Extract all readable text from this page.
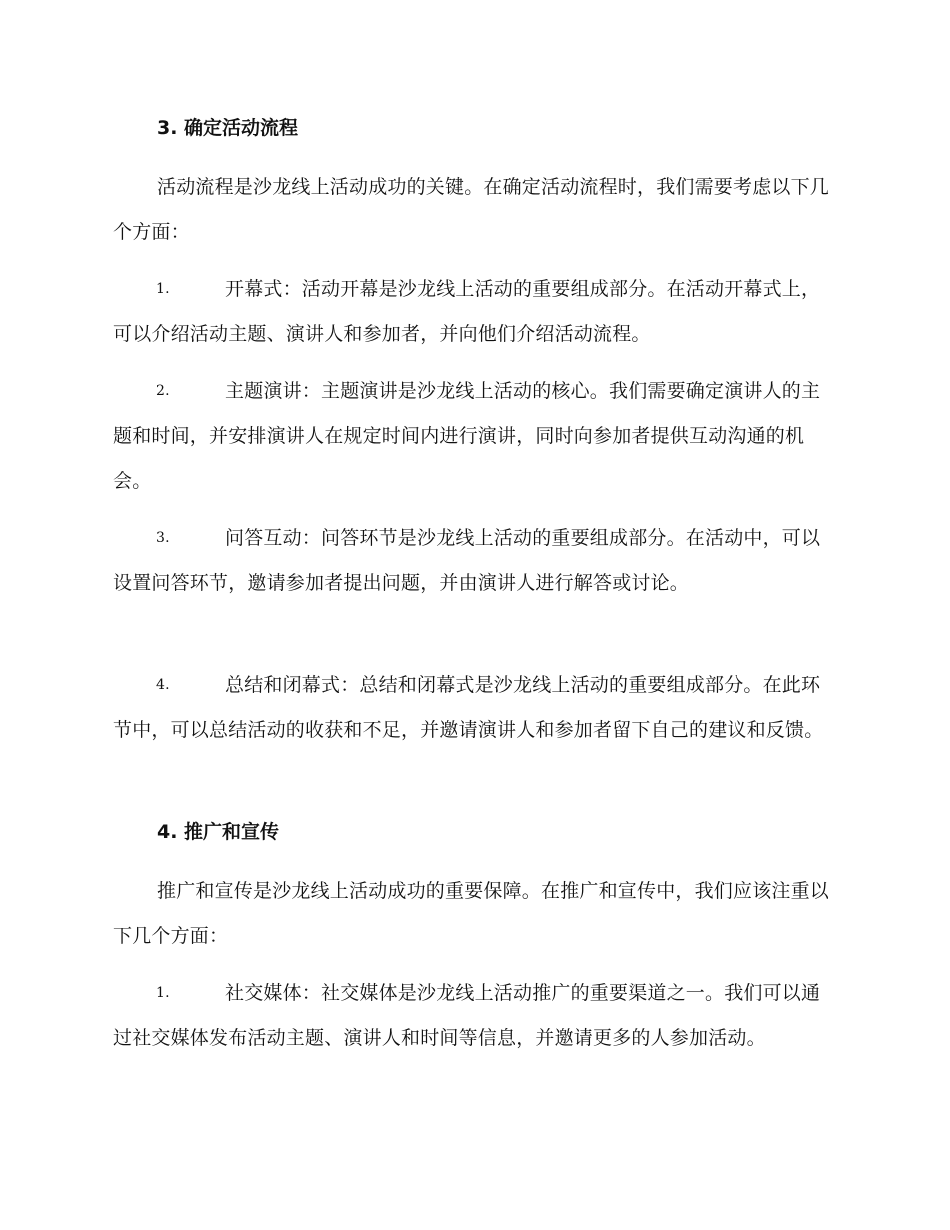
3. 确定活动流程
活动流程是沙龙线上活动成功的关键。在确定活动流程时，我们需要考虑以下几个方面：
1.	开幕式：活动开幕是沙龙线上活动的重要组成部分。在活动开幕式上，可以介绍活动主题、演讲人和参加者，并向他们介绍活动流程。
2.	主题演讲：主题演讲是沙龙线上活动的核心。我们需要确定演讲人的主题和时间，并安排演讲人在规定时间内进行演讲，同时向参加者提供互动沟通的机会。
3.	问答互动：问答环节是沙龙线上活动的重要组成部分。在活动中，可以设置问答环节，邀请参加者提出问题，并由演讲人进行解答或讨论。
4.	总结和闭幕式：总结和闭幕式是沙龙线上活动的重要组成部分。在此环节中，可以总结活动的收获和不足，并邀请演讲人和参加者留下自己的建议和反馈。
4. 推广和宣传
推广和宣传是沙龙线上活动成功的重要保障。在推广和宣传中，我们应该注重以下几个方面：
1.	社交媒体：社交媒体是沙龙线上活动推广的重要渠道之一。我们可以通过社交媒体发布活动主题、演讲人和时间等信息，并邀请更多的人参加活动。
